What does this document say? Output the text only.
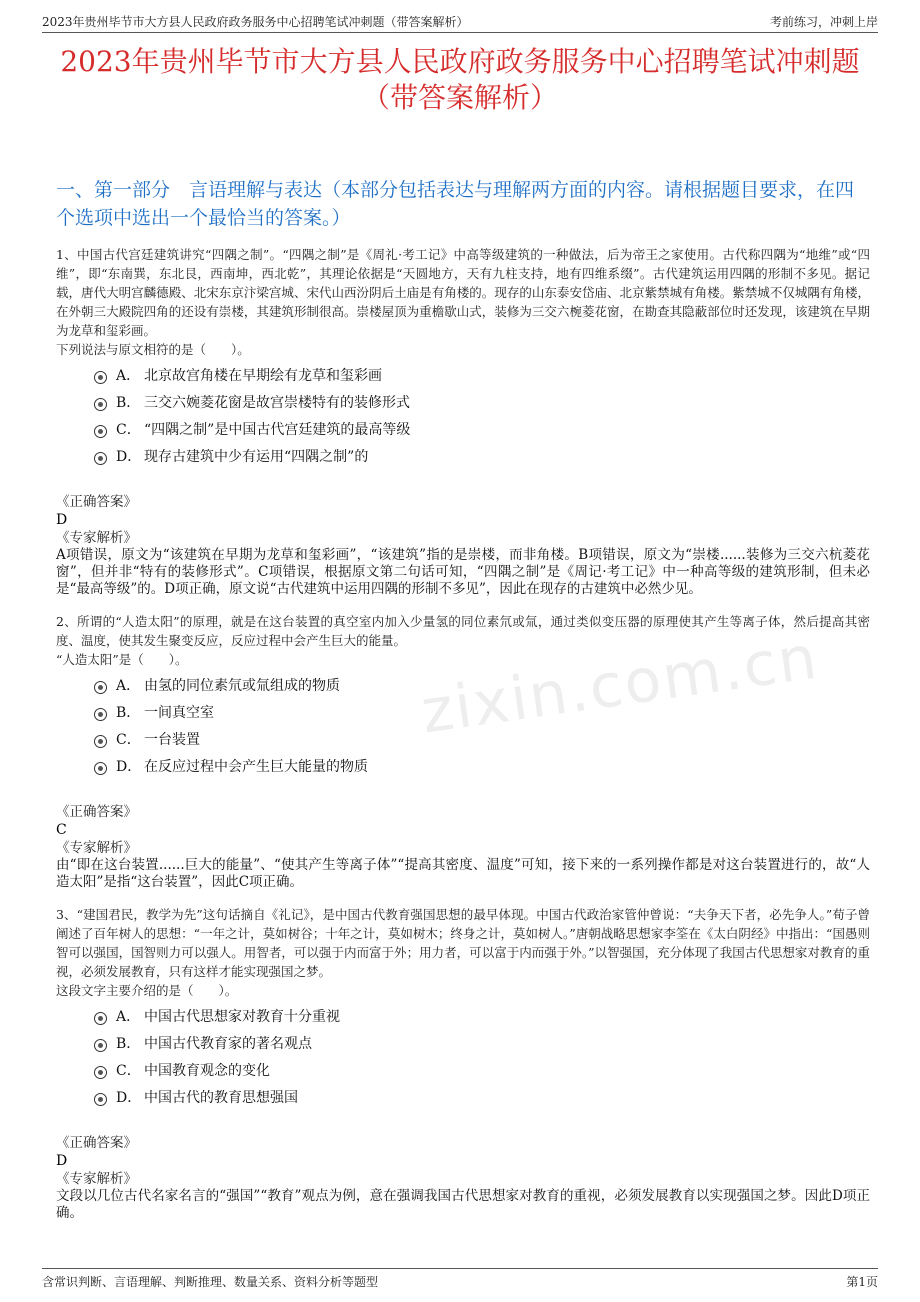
2023年贵州毕节市大方县人民政府政务服务中心招聘笔试冲刺题（带答案解析）	考前练习，冲刺上岸
2023年贵州毕节市大方县人民政府政务服务中心招聘笔试冲刺题（带答案解析）
一、第一部分　言语理解与表达（本部分包括表达与理解两方面的内容。请根据题目要求，在四个选项中选出一个最恰当的答案。）
zixin.com.cn
1、中国古代宫廷建筑讲究“四隅之制”。“四隅之制”是《周礼·考工记》中高等级建筑的一种做法，后为帝王之家使用。古代称四隅为“地维”或“四维”，即“东南巽，东北艮，西南坤，西北乾”，其理论依据是“天圆地方，天有九柱支持，地有四维系缀”。古代建筑运用四隅的形制不多见。据记载，唐代大明宫麟德殿、北宋东京汴梁宫城、宋代山西汾阴后土庙是有角楼的。现存的山东泰安岱庙、北京紫禁城有角楼。紫禁城不仅城隅有角楼，在外朝三大殿院四角的还设有崇楼，其建筑形制很高。崇楼屋顶为重檐歇山式，装修为三交六椀菱花窗，在勘查其隐蔽部位时还发现，该建筑在早期为龙草和玺彩画。
下列说法与原文相符的是（　　）。
A． 北京故宫角楼在早期绘有龙草和玺彩画
B． 三交六婉菱花窗是故宫崇楼特有的装修形式
C． “四隅之制”是中国古代宫廷建筑的最高等级
D． 现存古建筑中少有运用“四隅之制”的
《正确答案》
D
《专家解析》
A项错误，原文为“该建筑在早期为龙草和玺彩画”，“该建筑”指的是崇楼，而非角楼。B项错误，原文为“崇楼......装修为三交六杭菱花窗”，但并非“特有的装修形式”。C项错误，根据原文第二句话可知，“四隅之制”是《周记·考工记》中一种高等级的建筑形制，但未必是“最高等级”的。D项正确，原文说“古代建筑中运用四隅的形制不多见”，因此在现存的古建筑中必然少见。
2、所谓的“人造太阳”的原理，就是在这台装置的真空室内加入少量氢的同位素氘或氚，通过类似变压器的原理使其产生等离子体，然后提高其密度、温度，使其发生聚变反应，反应过程中会产生巨大的能量。
“人造太阳”是（　　）。
A． 由氢的同位素氘或氚组成的物质
B． 一间真空室
C． 一台装置
D． 在反应过程中会产生巨大能量的物质
《正确答案》
C
《专家解析》
由“即在这台装置......巨大的能量”、“使其产生等离子体”“提高其密度、温度”可知，接下来的一系列操作都是对这台装置进行的，故“人造太阳”是指“这台装置”，因此C项正确。
3、“建国君民，教学为先”这句话摘自《礼记》，是中国古代教育强国思想的最早体现。中国古代政治家管仲曾说：“夫争天下者，必先争人。”荀子曾阐述了百年树人的思想：“一年之计，莫如树谷；十年之计，莫如树木；终身之计，莫如树人。”唐朝战略思想家李筌在《太白阴经》中指出：“国愚则智可以强国，国智则力可以强人。用智者，可以强于内而富于外；用力者，可以富于内而强于外。”以智强国，充分体现了我国古代思想家对教育的重视，必须发展教育，只有这样才能实现强国之梦。
这段文字主要介绍的是（　　）。
A． 中国古代思想家对教育十分重视
B． 中国古代教育家的著名观点
C． 中国教育观念的变化
D． 中国古代的教育思想强国
《正确答案》
D
《专家解析》
文段以几位古代名家名言的“强国”“教育”观点为例，意在强调我国古代思想家对教育的重视，必须发展教育以实现强国之梦。因此D项正确。
含常识判断、言语理解、判断推理、数量关系、资料分析等题型	第1页
